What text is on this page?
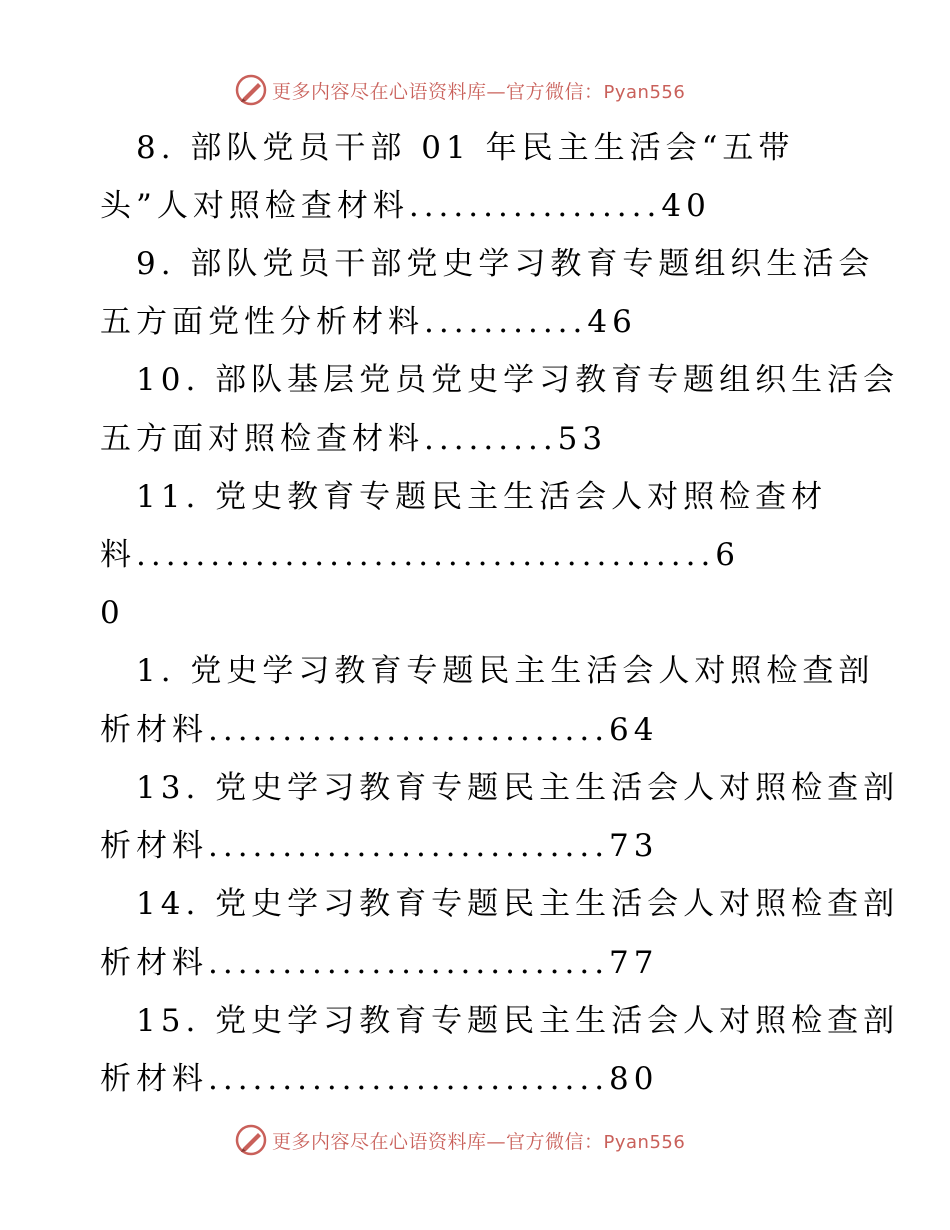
更多内容尽在心语资料库—官方微信：Pyan556
8. 部队党员干部 01 年民主生活会“五带
头”人对照检查材料.................40
9. 部队党员干部党史学习教育专题组织生活会
五方面党性分析材料...........46
10. 部队基层党员党史学习教育专题组织生活会
五方面对照检查材料.........53
11. 党史教育专题民主生活会人对照检查材
料.......................................6
0
1. 党史学习教育专题民主生活会人对照检查剖
析材料...........................64
13. 党史学习教育专题民主生活会人对照检查剖
析材料...........................73
14. 党史学习教育专题民主生活会人对照检查剖
析材料...........................77
15. 党史学习教育专题民主生活会人对照检查剖
析材料...........................80
更多内容尽在心语资料库—官方微信：Pyan556
